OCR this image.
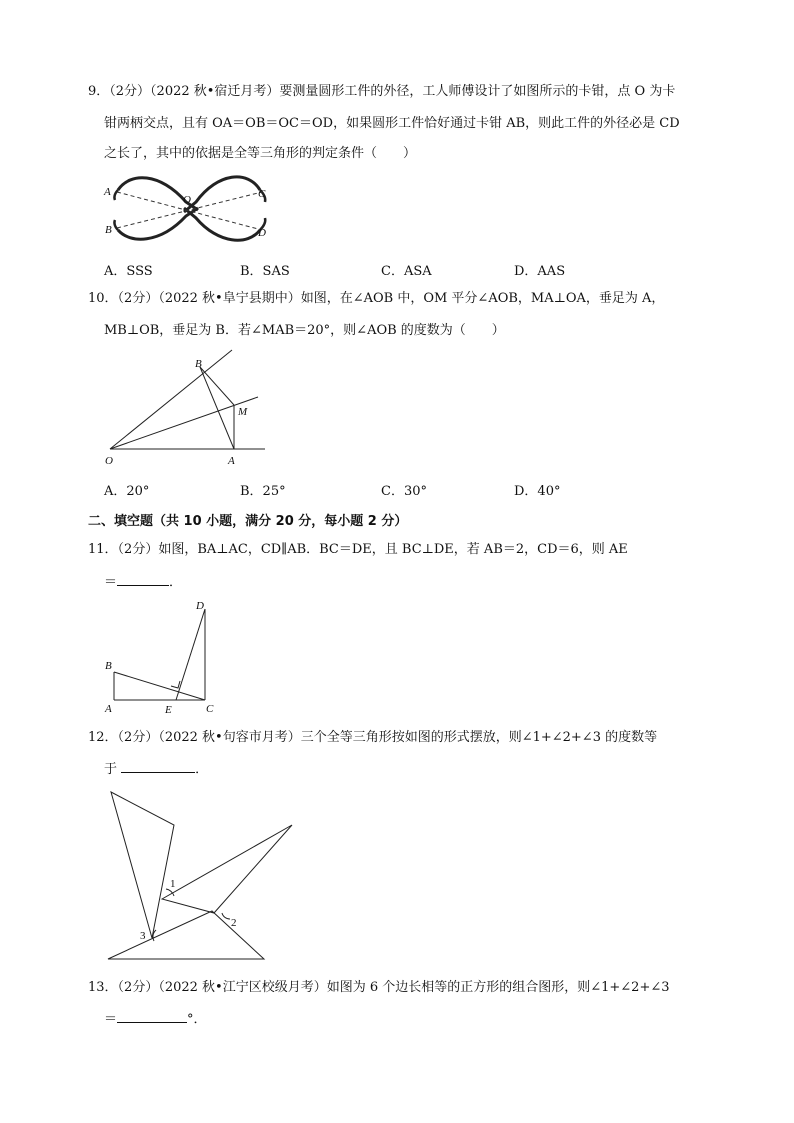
9．（2分）（2022 秋•宿迁月考）要测量圆形工件的外径，工人师傅设计了如图所示的卡钳，点 O 为卡
钳两柄交点，且有 OA＝OB＝OC＝OD，如果圆形工件恰好通过卡钳 AB，则此工件的外径必是 CD
之长了，其中的依据是全等三角形的判定条件（　　）
A
B
C
D
O
A．SSS	B．SAS	C．ASA	D．AAS
10．（2分）（2022 秋•阜宁县期中）如图，在∠AOB 中，OM 平分∠AOB，MA⊥OA，垂足为 A，
MB⊥OB，垂足为 B．若∠MAB＝20°，则∠AOB 的度数为（　　）
B
M
O	A
A．20°	B．25°	C．30°	D．40°
二、填空题（共 10 小题，满分 20 分，每小题 2 分）
11．（2分）如图，BA⊥AC，CD∥AB．BC＝DE，且 BC⊥DE，若 AB＝2，CD＝6，则 AE
＝	．
D
B
A	E	C
12．（2分）（2022 秋•句容市月考）三个全等三角形按如图的形式摆放，则∠1+∠2+∠3 的度数等
于	．
1
2
3
13．（2分）（2022 秋•江宁区校级月考）如图为 6 个边长相等的正方形的组合图形，则∠1+∠2+∠3
＝	°．
